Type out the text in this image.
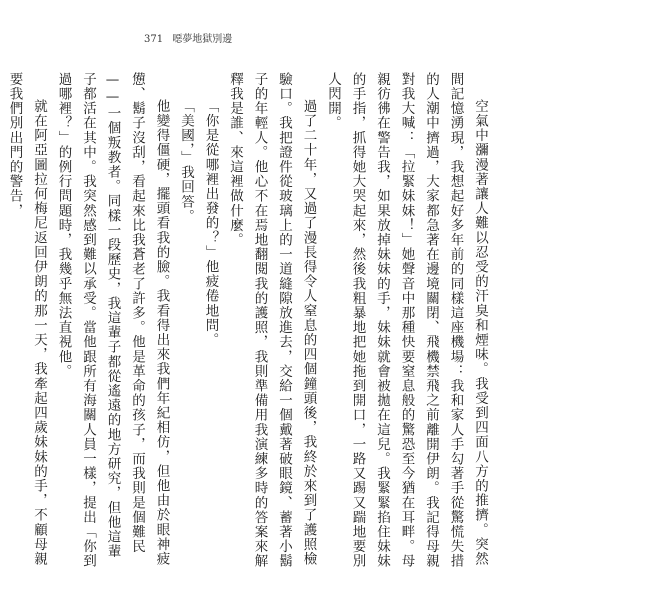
371 噁夢地獄別邊

空氣中瀰漫著讓人難以忍受的汗臭和煙味。我受到四面八方的推擠。突然間記憶湧現，我想起好多年前的同樣這座機場：我和家人手勾著手從驚慌失措的人潮中擠過，大家都急著在邊境關閉、飛機禁飛之前離開伊朗。我記得母親對我大喊：「拉緊妹妹！」她聲音中那種快要窒息般的驚恐至今猶在耳畔。母親彷彿在警告我，如果放掉妹妹的手，妹妹就會被拋在這兒。我緊緊掐住妹妹的手指，抓得她大哭起來，然後我粗暴地把她拖到開口，一路又踢又踹地要別人閃開。

過了二十年，又過了漫長得令人窒息的四個鐘頭後，我終於來到了護照檢驗口。我把證件從玻璃上的一道縫隙放進去，交給一個戴著破眼鏡、蓄著小鬍子的年輕人。他心不在焉地翻閱我的護照，我則準備用我演練多時的答案來解釋我是誰、來這裡做什麼。

「你是從哪裡出發的？」他疲倦地問。

「美國，」我回答。

他變得僵硬，擺頭看我的臉。我看得出來我們年紀相仿，但他由於眼神疲憊、鬍子沒刮，看起來比我蒼老了許多。他是革命的孩子，而我則是個難民——一個叛教者。同樣一段歷史，我這輩子都從遙遠的地方研究，但他這輩子都活在其中。我突然感到難以承受。當他跟所有海關人員一樣，提出「你到過哪裡？」的例行問題時，我幾乎無法直視他。

就在阿亞圖拉何梅尼返回伊朗的那一天，我牽起四歲妹妹的手，不顧母親要我們別出門的警告，
